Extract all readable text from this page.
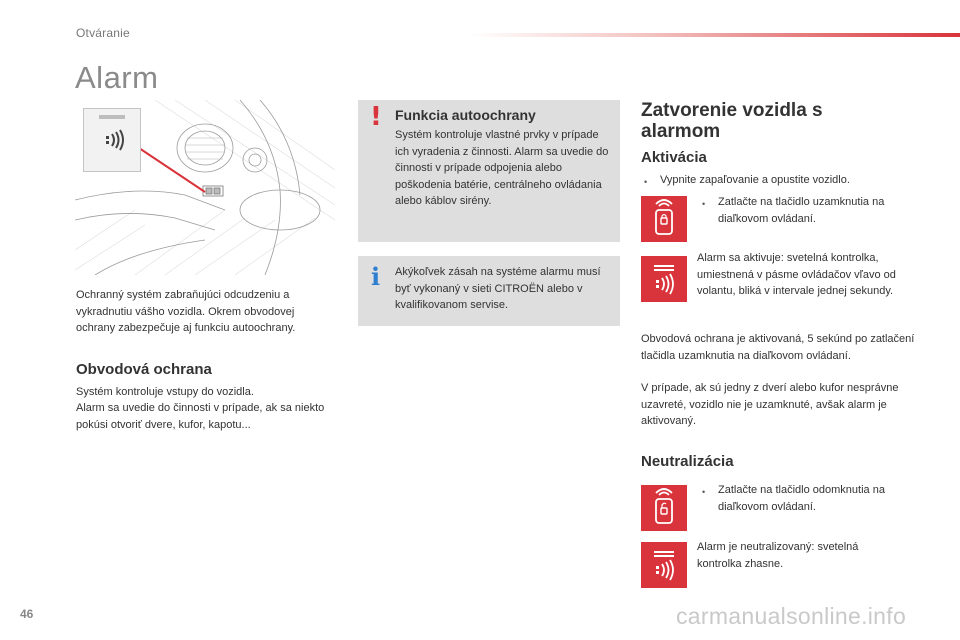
Otváranie
Alarm
Ochranný systém zabraňujúci odcudzeniu a vykradnutiu vášho vozidla. Okrem obvodovej ochrany zabezpečuje aj funkciu autoochrany.
Obvodová ochrana
Systém kontroluje vstupy do vozidla.
Alarm sa uvedie do činnosti v prípade, ak sa niekto pokúsi otvoriť dvere, kufor, kapotu...
! Funkcia autoochrany
Systém kontroluje vlastné prvky v prípade ich vyradenia z činnosti. Alarm sa uvedie do činnosti v prípade odpojenia alebo poškodenia batérie, centrálneho ovládania alebo káblov sirény.
i Akýkoľvek zásah na systéme alarmu musí byť vykonaný v sieti CITROËN alebo v kvalifikovanom servise.
Zatvorenie vozidla s
alarmom
Aktivácia
•	Vypnite zapaľovanie a opustite vozidlo.
•	Zatlačte na tlačidlo uzamknutia na diaľkovom ovládaní.
Alarm sa aktivuje: svetelná kontrolka, umiestnená v pásme ovládačov vľavo od volantu, bliká v intervale jednej sekundy.
Obvodová ochrana je aktivovaná, 5 sekúnd po zatlačení tlačidla uzamknutia na diaľkovom ovládaní.
V prípade, ak sú jedny z dverí alebo kufor nesprávne uzavreté, vozidlo nie je uzamknuté, avšak alarm je aktivovaný.
Neutralizácia
•	Zatlačte na tlačidlo odomknutia na diaľkovom ovládaní.
Alarm je neutralizovaný: svetelná kontrolka zhasne.
46	carmanualsonline.info
